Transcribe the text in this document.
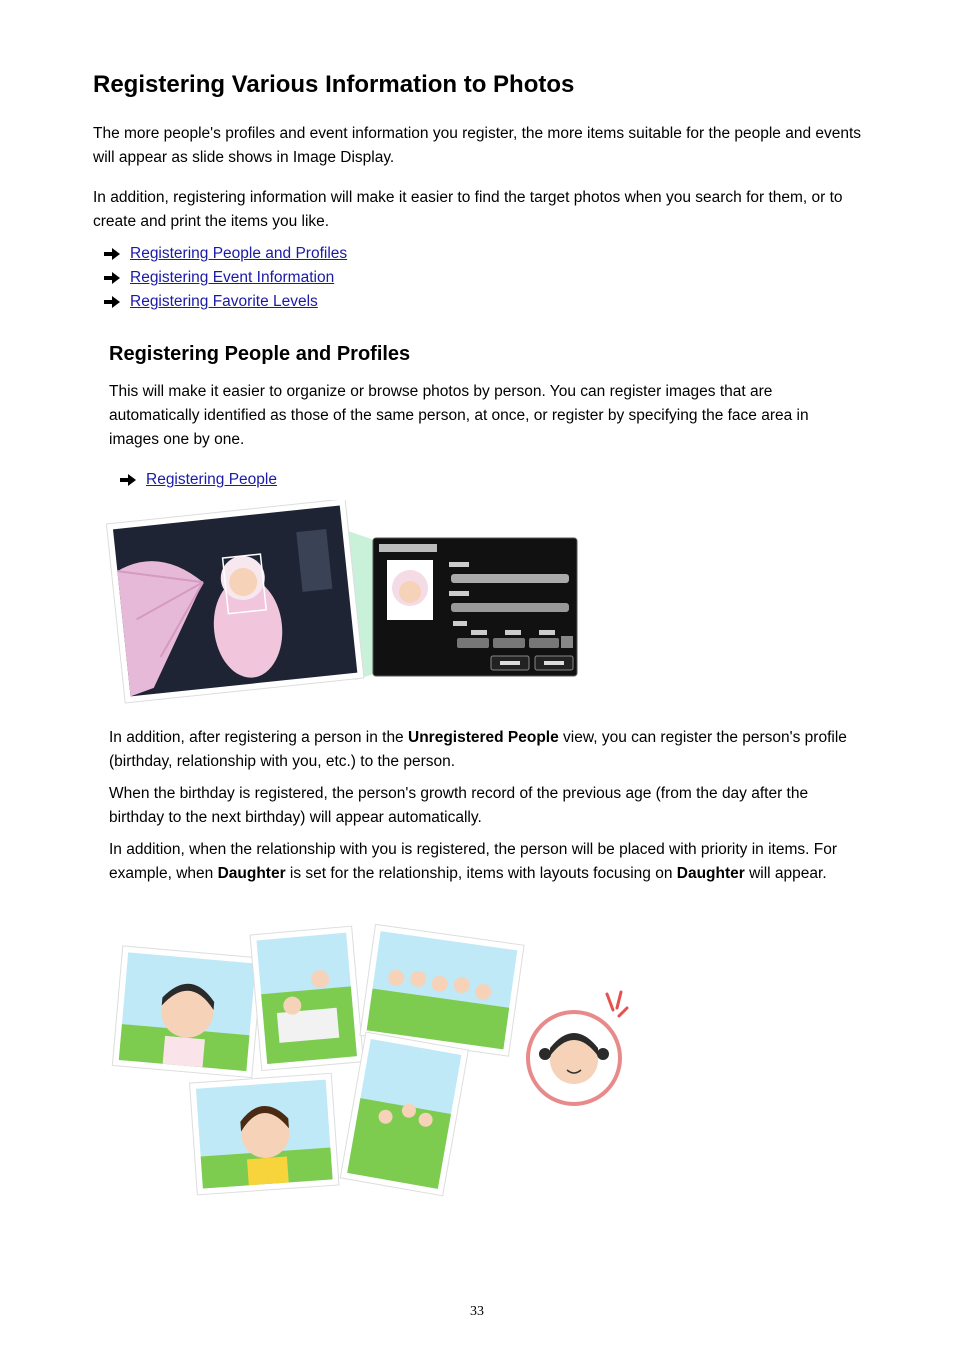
Registering Various Information to Photos

The more people's profiles and event information you register, the more items suitable for the people and events will appear as slide shows in Image Display.

In addition, registering information will make it easier to find the target photos when you search for them, or to create and print the items you like.

Registering People and Profiles
Registering Event Information
Registering Favorite Levels
Registering People and Profiles

This will make it easier to organize or browse photos by person. You can register images that are automatically identified as those of the same person, at once, or register by specifying the face area in images one by one.

Registering People

In addition, after registering a person in the Unregistered People view, you can register the person's profile (birthday, relationship with you, etc.) to the person.

When the birthday is registered, the person's growth record of the previous age (from the day after the birthday to the next birthday) will appear automatically.

In addition, when the relationship with you is registered, the person will be placed with priority in items. For example, when Daughter is set for the relationship, items with layouts focusing on Daughter will appear.

33
